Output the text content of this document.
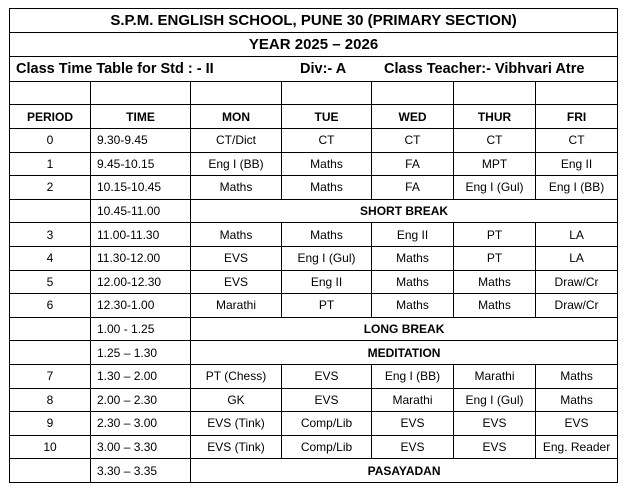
S.P.M. ENGLISH SCHOOL, PUNE 30 (PRIMARY SECTION)						
YEAR 2025 – 2026						
Class Time Table for Std : - II Div:- A Class Teacher:- Vibhvari Atre						

PERIOD	TIME	MON	TUE	WED	THUR	FRI
0	9.30-9.45	CT/Dict	CT	CT	CT	CT
1	9.45-10.15	Eng I (BB)	Maths	FA	MPT	Eng II
2	10.15-10.45	Maths	Maths	FA	Eng I (Gul)	Eng I (BB)
	10.45-11.00	SHORT BREAK				
3	11.00-11.30	Maths	Maths	Eng II	PT	LA
4	11.30-12.00	EVS	Eng I (Gul)	Maths	PT	LA
5	12.00-12.30	EVS	Eng II	Maths	Maths	Draw/Cr
6	12.30-1.00	Marathi	PT	Maths	Maths	Draw/Cr
	1.00 - 1.25	LONG BREAK				
	1.25 – 1.30	MEDITATION				
7	1.30 – 2.00	PT (Chess)	EVS	Eng I (BB)	Marathi	Maths
8	2.00 – 2.30	GK	EVS	Marathi	Eng I (Gul)	Maths
9	2.30 – 3.00	EVS (Tink)	Comp/Lib	EVS	EVS	EVS
10	3.00 – 3.30	EVS (Tink)	Comp/Lib	EVS	EVS	Eng. Reader
	3.30 – 3.35	PASAYADAN				
